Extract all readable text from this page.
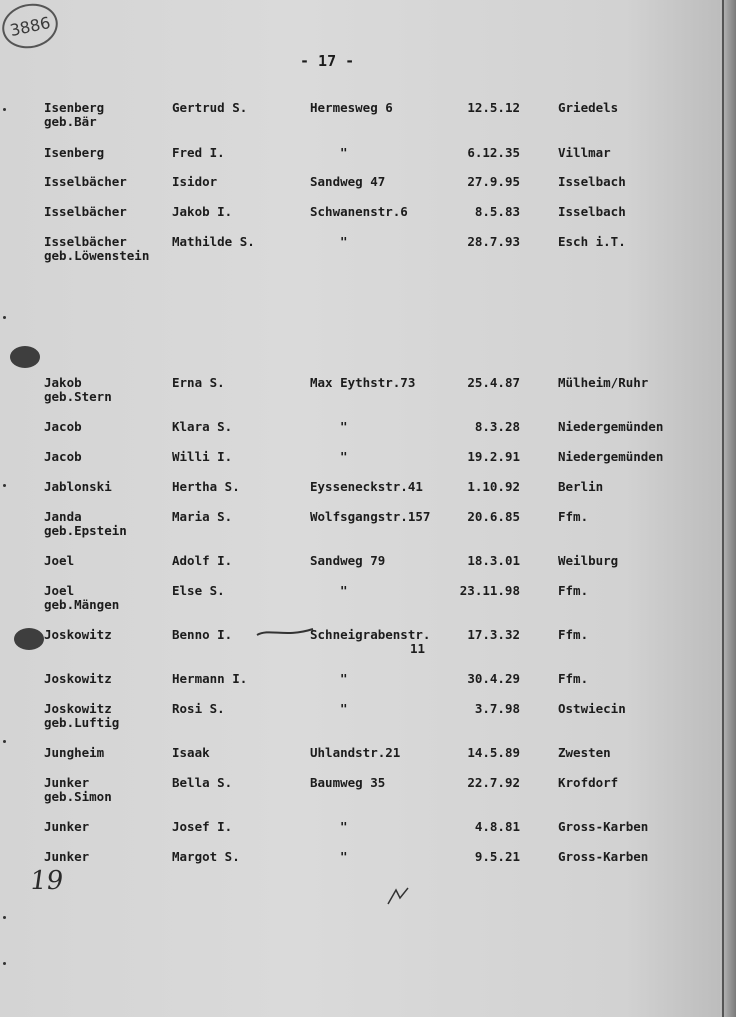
3886
- 17 -
19
Isenberg	Gertrud S.	Hermesweg 6	12.5.12	Griedels
geb.Bär
Isenberg	Fred I.	"	6.12.35	Villmar
Isselbächer	Isidor	Sandweg 47	27.9.95	Isselbach
Isselbächer	Jakob I.	Schwanenstr.6	8.5.83	Isselbach
Isselbächer	Mathilde S.	"	28.7.93	Esch i.T.
geb.Löwenstein
Jakob	Erna S.	Max Eythstr.73	25.4.87	Mülheim/Ruhr
geb.Stern
Jacob	Klara S.	"	8.3.28	Niedergemünden
Jacob	Willi I.	"	19.2.91	Niedergemünden
Jablonski	Hertha S.	Eysseneckstr.41	1.10.92	Berlin
Janda	Maria S.	Wolfsgangstr.157	20.6.85	Ffm.
geb.Epstein
Joel	Adolf I.	Sandweg 79	18.3.01	Weilburg
Joel	Else S.	"	23.11.98	Ffm.
geb.Mängen
Joskowitz	Benno I.	Schneigrabenstr.	17.3.32	Ffm.
11
Joskowitz	Hermann I.	"	30.4.29	Ffm.
Joskowitz	Rosi S.	"	3.7.98	Ostwiecin
geb.Luftig
Jungheim	Isaak	Uhlandstr.21	14.5.89	Zwesten
Junker	Bella S.	Baumweg 35	22.7.92	Krofdorf
geb.Simon
Junker	Josef I.	"	4.8.81	Gross-Karben
Junker	Margot S.	"	9.5.21	Gross-Karben
